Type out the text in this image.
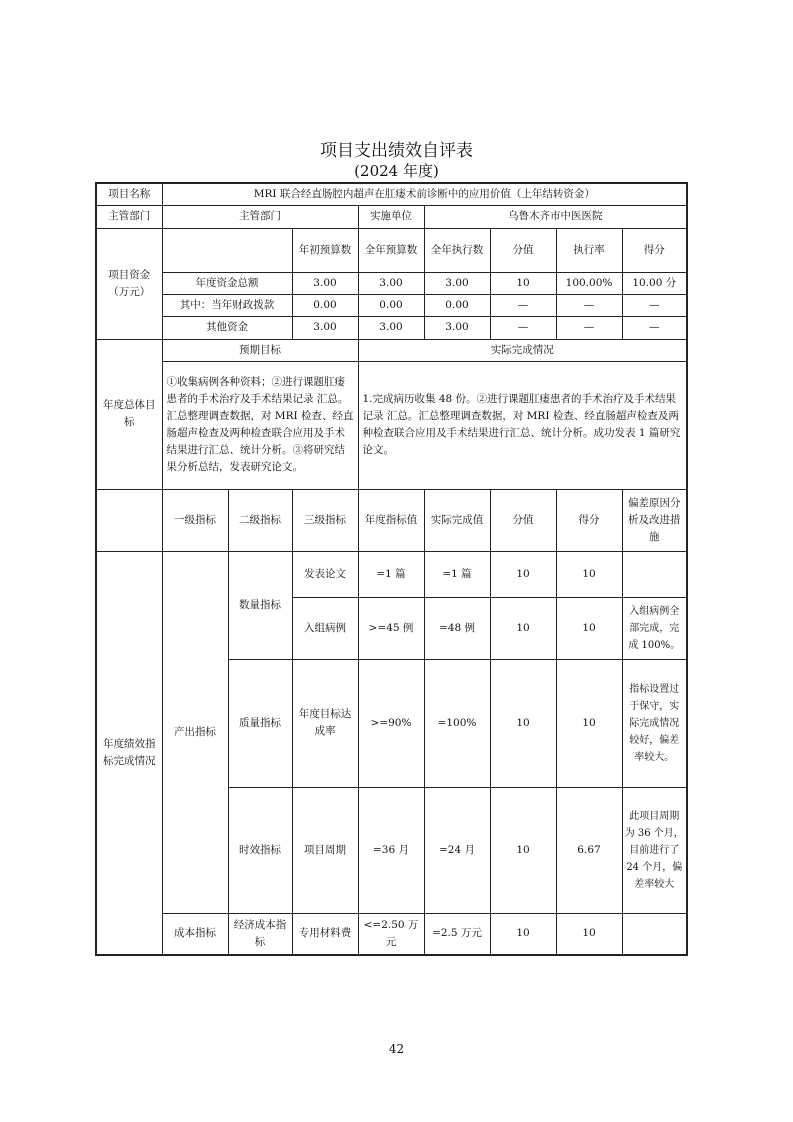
项目支出绩效自评表
(2024 年度)
项目名称	MRI 联合经直肠腔内超声在肛瘘术前诊断中的应用价值（上年结转资金）							
主管部门	主管部门			实施单位	乌鲁木齐市中医医院			
项目资金（万元）			年初预算数	全年预算数	全年执行数	分值	执行率	得分
	年度资金总额		3.00	3.00	3.00	10	100.00%	10.00 分
	其中：当年财政拨款		0.00	0.00	0.00	—	—	—
	其他资金		3.00	3.00	3.00	—	—	—
年度总体目标	预期目标			实际完成情况				
	①收集病例各种资料；②进行课题肛瘘患者的手术治疗及手术结果记录 汇总。汇总整理调查数据，对 MRI 检查、经直肠超声检查及两种检查联合应用及手术结果进行汇总、统计分析。③将研究结果分析总结，发表研究论文。			1.完成病历收集 48 份。②进行课题肛瘘患者的手术治疗及手术结果记录 汇总。汇总整理调查数据，对 MRI 检查、经直肠超声检查及两种检查联合应用及手术结果进行汇总、统计分析。成功发表 1 篇研究论文。				
	一级指标	二级指标	三级指标	年度指标值	实际完成值	分值	得分	偏差原因分析及改进措施
年度绩效指标完成情况	产出指标	数量指标	发表论文	=1 篇	=1 篇	10	10	
			入组病例	>=45 例	=48 例	10	10	入组病例全部完成，完成 100%。
		质量指标	年度目标达成率	>=90%	=100%	10	10	指标设置过于保守，实际完成情况较好，偏差率较大。
		时效指标	项目周期	=36 月	=24 月	10	6.67	此项目周期为 36 个月，目前进行了 24 个月，偏差率较大
	成本指标	经济成本指标	专用材料费	<=2.50 万元	=2.5 万元	10	10	
42
